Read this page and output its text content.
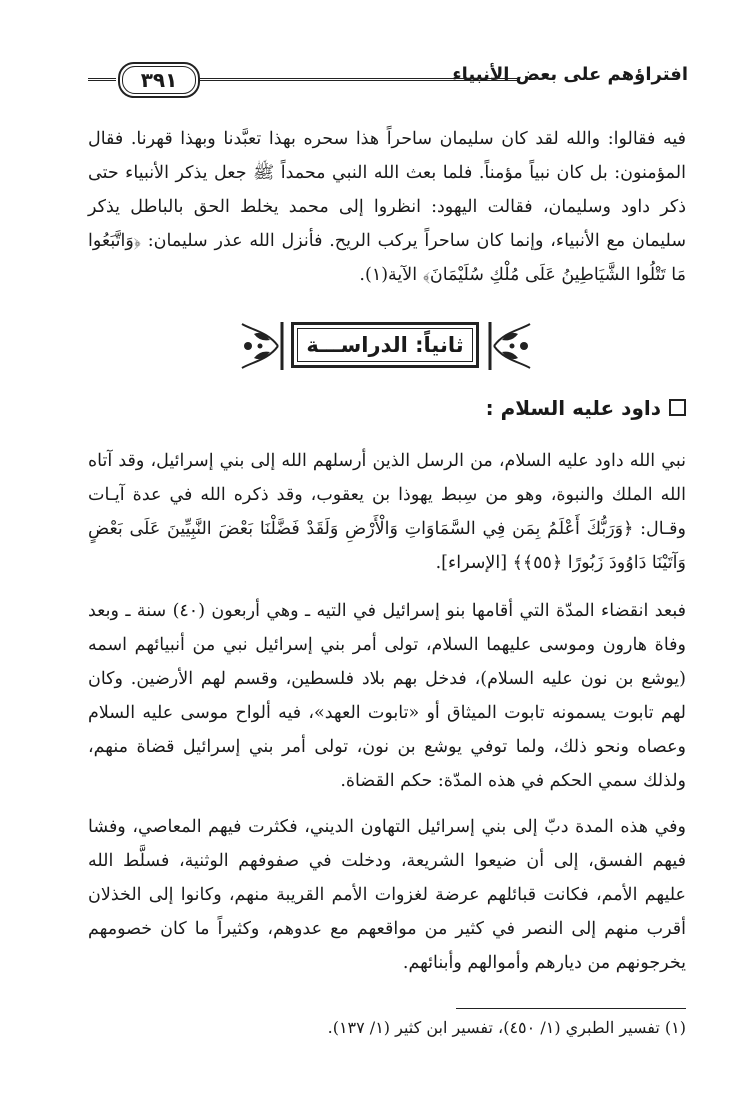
افتراؤهم على بعض الأنبياء
٣٩١
فيه فقالوا: والله لقد كان سليمان ساحراً هذا سحره بهذا تعبَّدنا وبهذا قهرنا. فقال المؤمنون: بل كان نبياً مؤمناً. فلما بعث الله النبي محمداً ﷺ جعل يذكر الأنبياء حتى ذكر داود وسليمان، فقالت اليهود: انظروا إلى محمد يخلط الحق بالباطل يذكر سليمان مع الأنبياء، وإنما كان ساحراً يركب الريح. فأنزل الله عذر سليمان: ﴿وَاتَّبَعُوا مَا تَتْلُوا الشَّيَاطِينُ عَلَى مُلْكِ سُلَيْمَانَ﴾ الآية(١).
ثانياً: الدراســـة
داود عليه السلام :
نبي الله داود عليه السلام، من الرسل الذين أرسلهم الله إلى بني إسرائيل، وقد آتاه الله الملك والنبوة، وهو من سِبط يهوذا بن يعقوب، وقد ذكره الله في عدة آيـات وقـال: ﴿وَرَبُّكَ أَعْلَمُ بِمَن فِي السَّمَاوَاتِ وَالْأَرْضِ وَلَقَدْ فَضَّلْنَا بَعْضَ النَّبِيِّينَ عَلَى بَعْضٍ وَآتَيْنَا دَاوُودَ زَبُورًا ﴿٥٥﴾﴾ [الإسراء].
فبعد انقضاء المدّة التي أقامها بنو إسرائيل في التيه ـ وهي أربعون (٤٠) سنة ـ وبعد وفاة هارون وموسى عليهما السلام، تولى أمر بني إسرائيل نبي من أنبيائهم اسمه (يوشع بن نون عليه السلام)، فدخل بهم بلاد فلسطين، وقسم لهم الأرضين. وكان لهم تابوت يسمونه تابوت الميثاق أو «تابوت العهد»، فيه ألواح موسى عليه السلام وعصاه ونحو ذلك، ولما توفي يوشع بن نون، تولى أمر بني إسرائيل قضاة منهم، ولذلك سمي الحكم في هذه المدّة: حكم القضاة.
وفي هذه المدة دبّ إلى بني إسرائيل التهاون الديني، فكثرت فيهم المعاصي، وفشا فيهم الفسق، إلى أن ضيعوا الشريعة، ودخلت في صفوفهم الوثنية، فسلَّط الله عليهم الأمم، فكانت قبائلهم عرضة لغزوات الأمم القريبة منهم، وكانوا إلى الخذلان أقرب منهم إلى النصر في كثير من مواقعهم مع عدوهم، وكثيراً ما كان خصومهم يخرجونهم من ديارهم وأموالهم وأبنائهم.
(١) تفسير الطبري (١/ ٤٥٠)، تفسير ابن كثير (١/ ١٣٧).
